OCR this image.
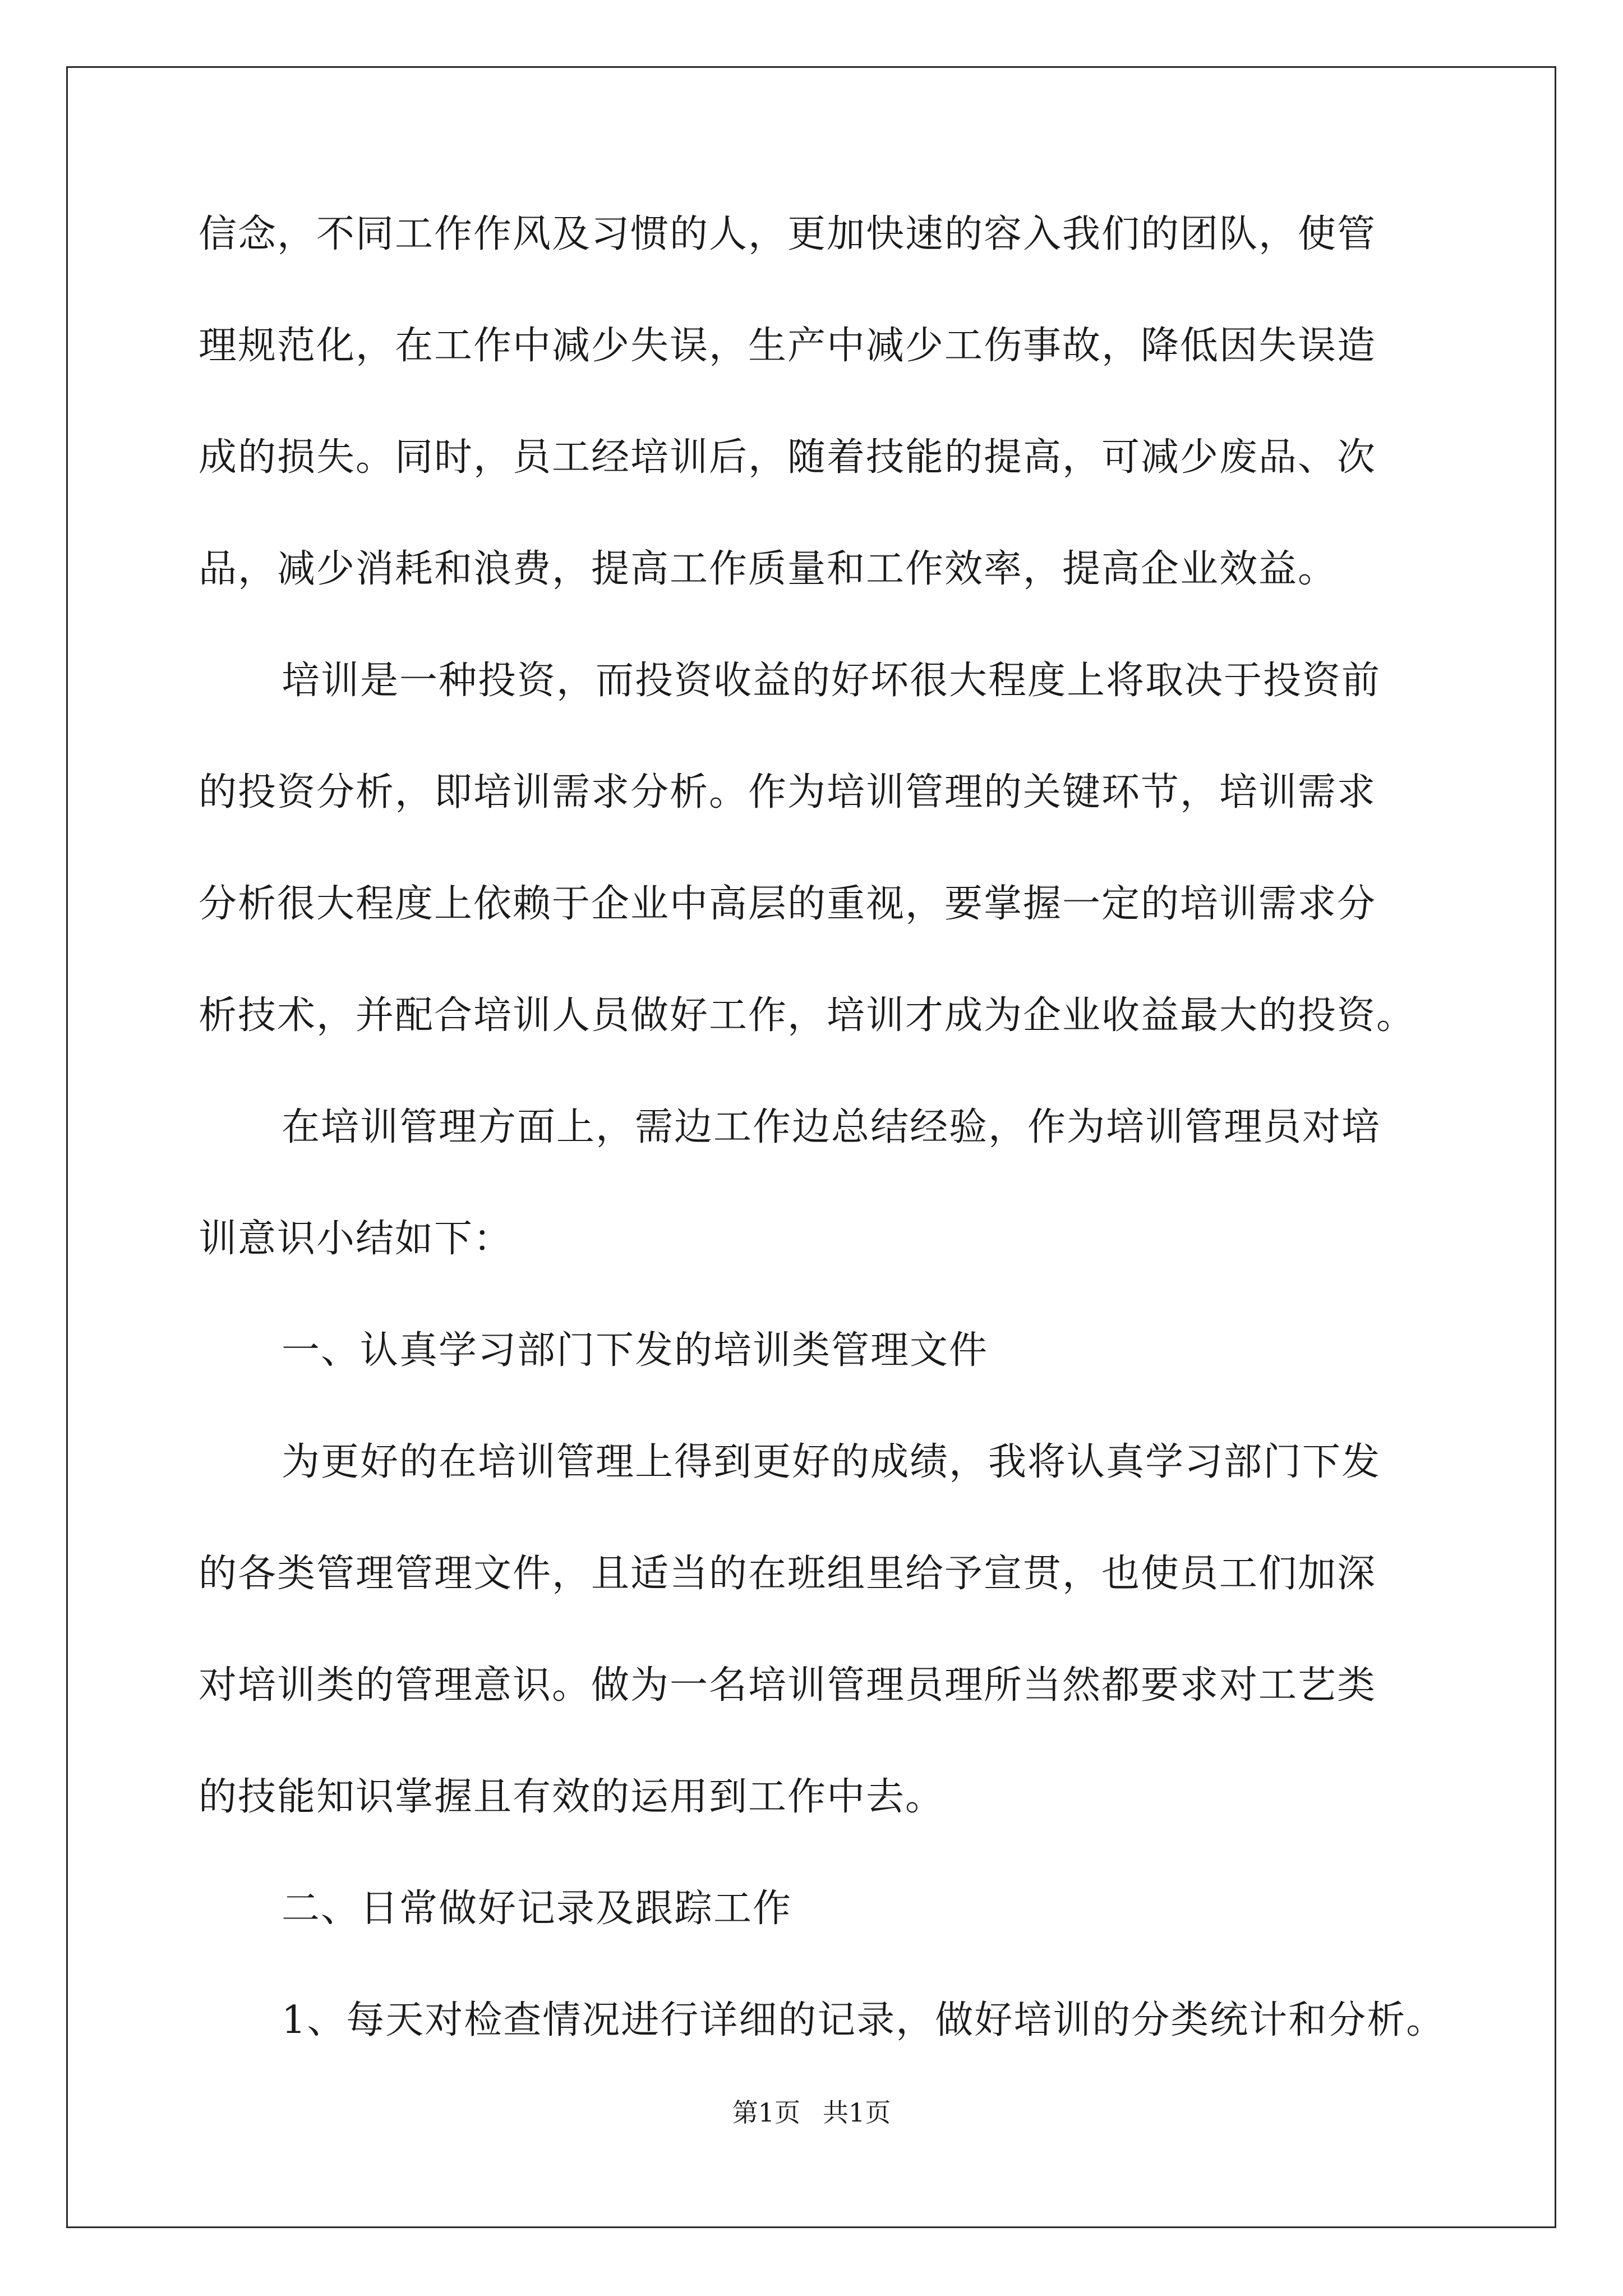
信念，不同工作作风及习惯的人，更加快速的容入我们的团队，使管
理规范化，在工作中减少失误，生产中减少工伤事故，降低因失误造
成的损失。同时，员工经培训后，随着技能的提高，可减少废品、次
品，减少消耗和浪费，提高工作质量和工作效率，提高企业效益。
培训是一种投资，而投资收益的好坏很大程度上将取决于投资前
的投资分析，即培训需求分析。作为培训管理的关键环节，培训需求
分析很大程度上依赖于企业中高层的重视，要掌握一定的培训需求分
析技术，并配合培训人员做好工作，培训才成为企业收益最大的投资。
在培训管理方面上，需边工作边总结经验，作为培训管理员对培
训意识小结如下：
一、认真学习部门下发的培训类管理文件
为更好的在培训管理上得到更好的成绩，我将认真学习部门下发
的各类管理管理文件，且适当的在班组里给予宣贯，也使员工们加深
对培训类的管理意识。做为一名培训管理员理所当然都要求对工艺类
的技能知识掌握且有效的运用到工作中去。
二、日常做好记录及跟踪工作
1、每天对检查情况进行详细的记录，做好培训的分类统计和分析。
第1页 共1页
